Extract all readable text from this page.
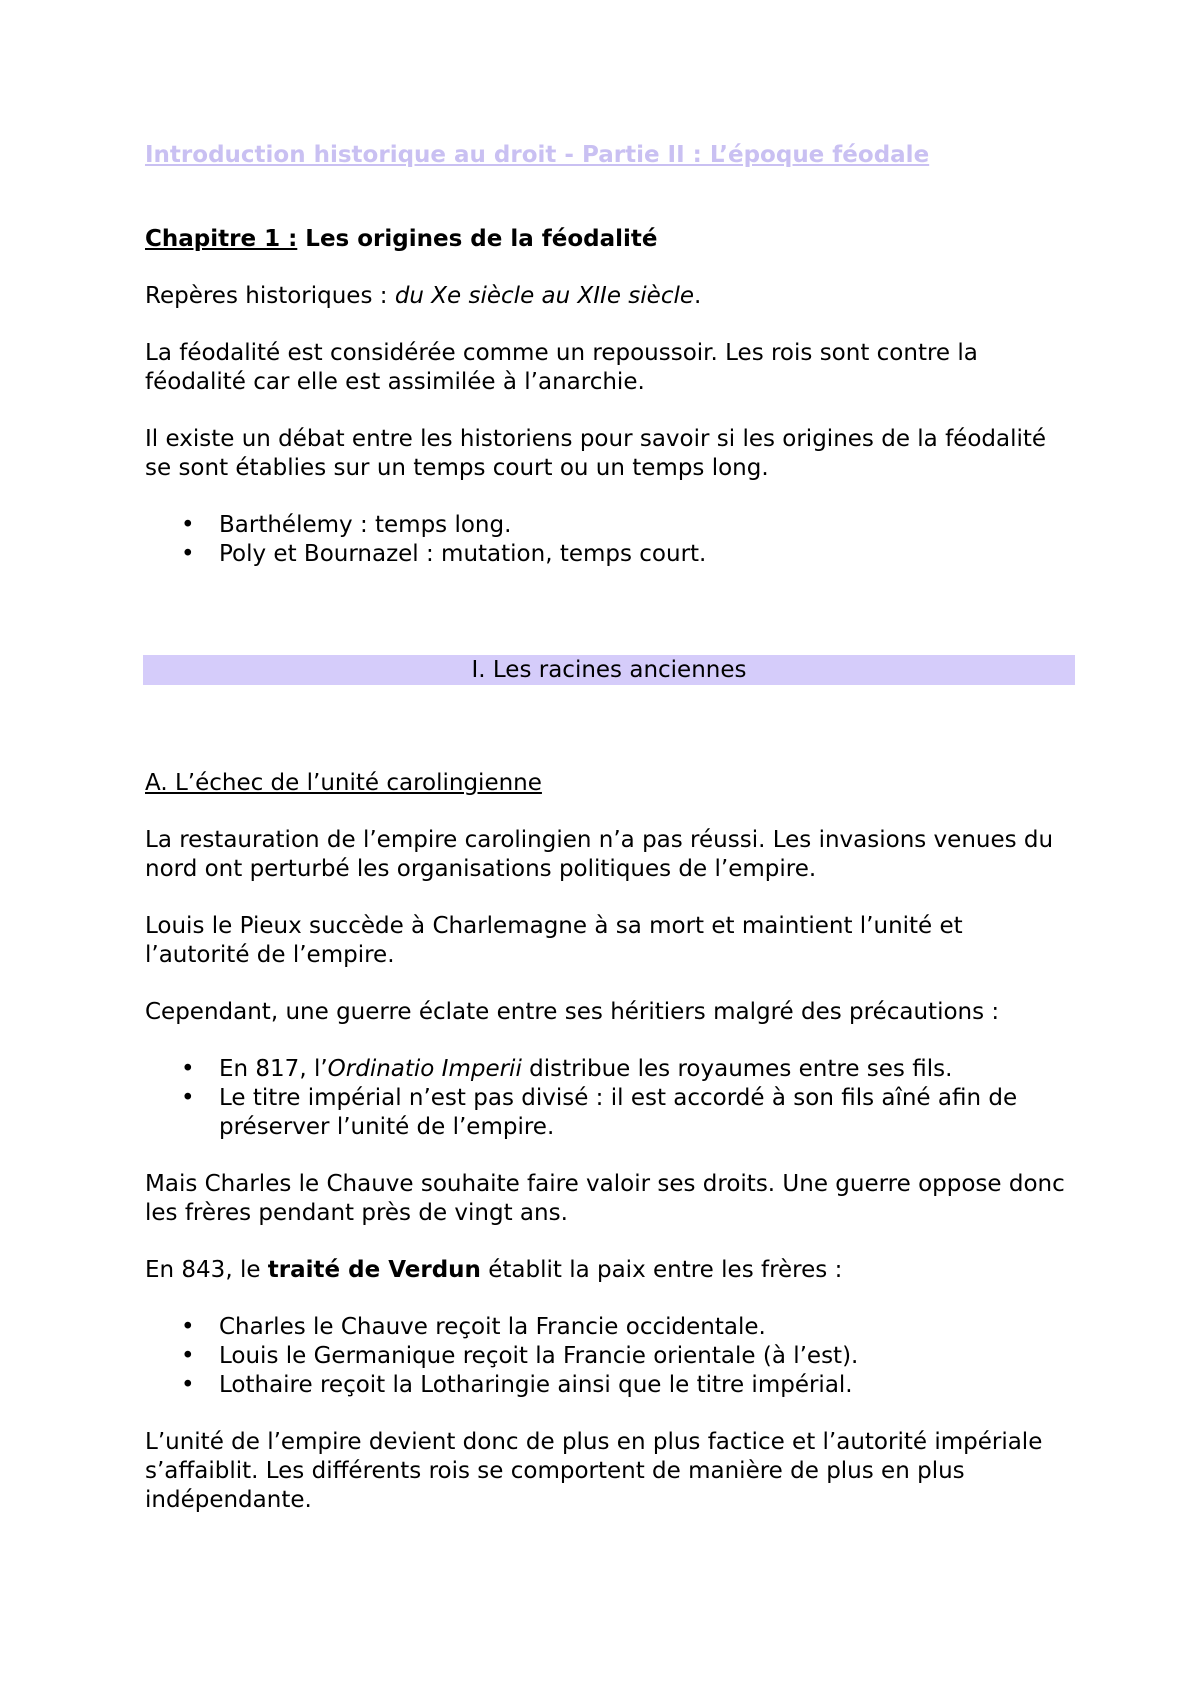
Introduction historique au droit - Partie II : L’époque féodale

Chapitre 1 : Les origines de la féodalité

Repères historiques : du Xe siècle au XIIe siècle.

La féodalité est considérée comme un repoussoir. Les rois sont contre la féodalité car elle est assimilée à l’anarchie.

Il existe un débat entre les historiens pour savoir si les origines de la féodalité se sont établies sur un temps court ou un temps long.

• Barthélemy : temps long.
• Poly et Bournazel : mutation, temps court.
I. Les racines anciennes

A. L’échec de l’unité carolingienne

La restauration de l’empire carolingien n’a pas réussi. Les invasions venues du nord ont perturbé les organisations politiques de l’empire.

Louis le Pieux succède à Charlemagne à sa mort et maintient l’unité et l’autorité de l’empire.

Cependant, une guerre éclate entre ses héritiers malgré des précautions :

• En 817, l’Ordinatio Imperii distribue les royaumes entre ses fils.
• Le titre impérial n’est pas divisé : il est accordé à son fils aîné afin de préserver l’unité de l’empire.

Mais Charles le Chauve souhaite faire valoir ses droits. Une guerre oppose donc les frères pendant près de vingt ans.

En 843, le traité de Verdun établit la paix entre les frères :

• Charles le Chauve reçoit la Francie occidentale.
• Louis le Germanique reçoit la Francie orientale (à l’est).
• Lothaire reçoit la Lotharingie ainsi que le titre impérial.

L’unité de l’empire devient donc de plus en plus factice et l’autorité impériale s’affaiblit. Les différents rois se comportent de manière de plus en plus indépendante.
